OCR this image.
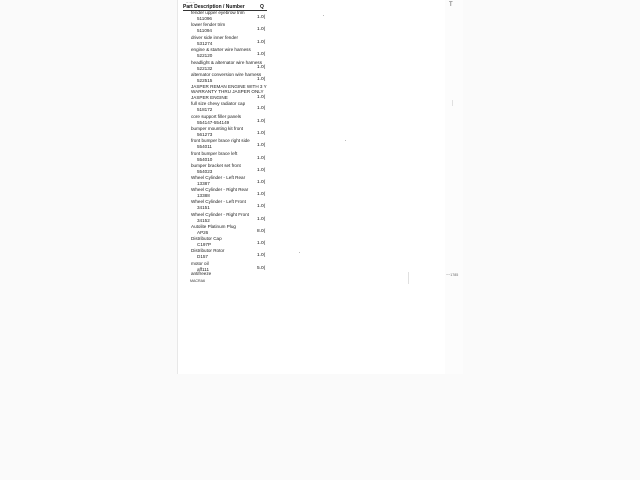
~~~
Part Description / Number	Q
fender upper eyebrow trim
511096	1.0(
lower fender trim
511094	1.0(
driver side inner fender
531274	1.0(
engine & starter wire harness
522120	1.0(
headlight & alternator wire harness
522132	1.0(
alternator conversion wire harness
522515	1.0(
JASPER REMAN ENGINE WITH 3 Y
WARRANTY THRU JASPER ONLY
JASPER ENGINE	1.0(
full size chevy radiator cap
518172	1.0(
core support filler panels
554147-554149	1.0(
bumper mounting kit front
561273	1.0(
front bumper brace right side
554011	1.0(
front bumper brace left
554010	1.0(
bumper bracket set front
554023	1.0(
Wheel Cylinder - Left Rear
13387	1.0(
Wheel Cylinder - Right Rear
13388	1.0(
Wheel Cylinder - Left Front
34151	1.0(
Wheel Cylinder - Right Front
34152	1.0(
Autolite Platinum Plug
AP26	8.0(
Distributor Cap
C197P	1.0(
Distributor Rotor
D157	1.0(
motor oil
aff111	5.0(
antifreeze
MACRA6
T
~~1785
